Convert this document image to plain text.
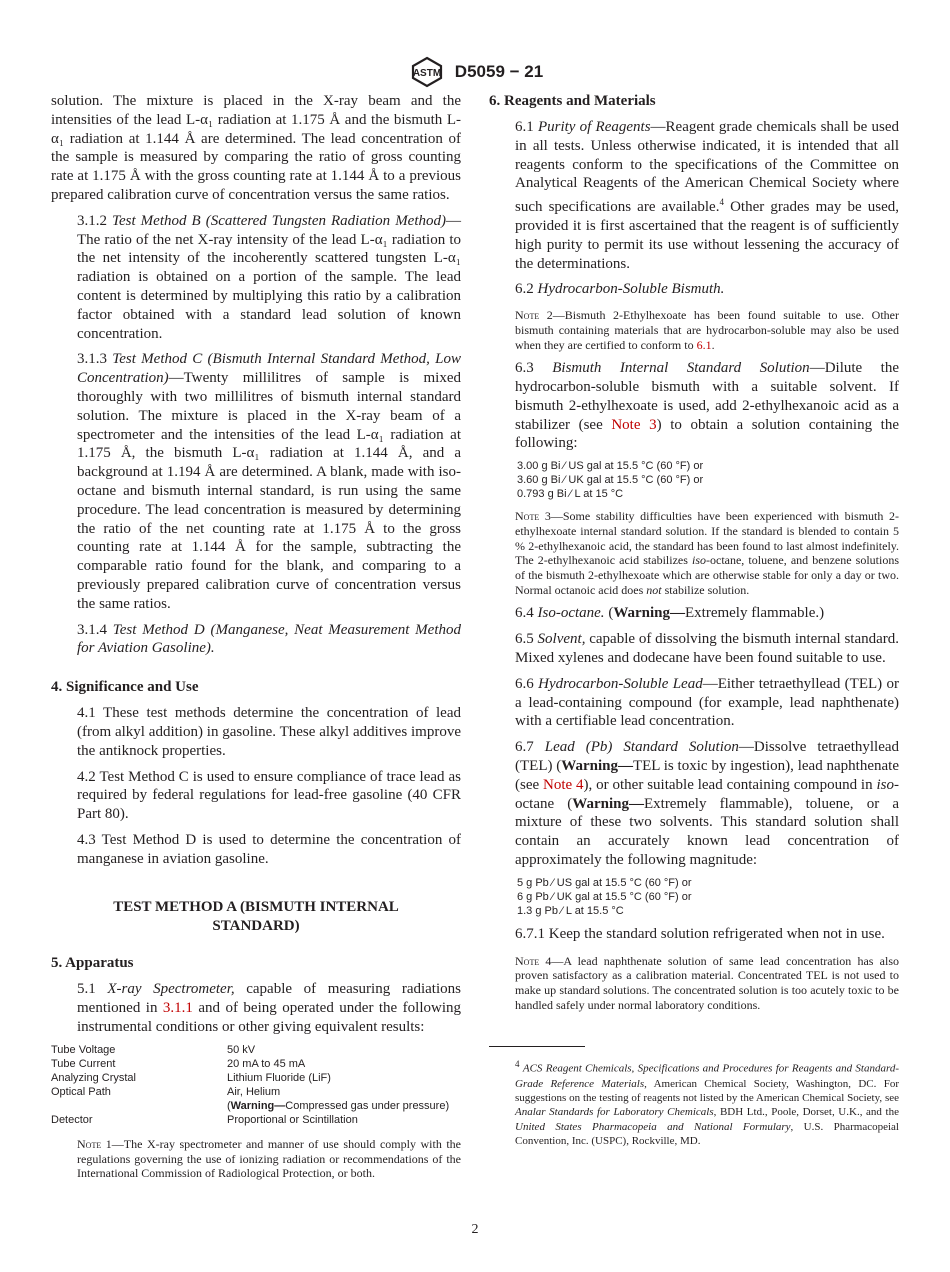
ASTM D5059 − 21

solution. The mixture is placed in the X-ray beam and the intensities of the lead L-α₁ radiation at 1.175 Å and the bismuth L-α₁ radiation at 1.144 Å are determined. The lead concentration of the sample is measured by comparing the ratio of gross counting rate at 1.175 Å with the gross counting rate at 1.144 Å to a previous prepared calibration curve of concentration versus the same ratios.

3.1.2 Test Method B (Scattered Tungsten Radiation Method)—The ratio of the net X-ray intensity of the lead L-α₁ radiation to the net intensity of the incoherently scattered tungsten L-α₁ radiation is obtained on a portion of the sample. The lead content is determined by multiplying this ratio by a calibration factor obtained with a standard lead solution of known concentration.

3.1.3 Test Method C (Bismuth Internal Standard Method, Low Concentration)—Twenty millilitres of sample is mixed thoroughly with two millilitres of bismuth internal standard solution. The mixture is placed in the X-ray beam of a spectrometer and the intensities of the lead L-α₁ radiation at 1.175 Å, the bismuth L-α₁ radiation at 1.144 Å, and a background at 1.194 Å are determined. A blank, made with iso-octane and bismuth internal standard, is run using the same procedure. The lead concentration is measured by determining the ratio of the net counting rate at 1.175 Å to the gross counting rate at 1.144 Å for the sample, subtracting the comparable ratio found for the blank, and comparing to a previously prepared calibration curve of concentration versus the same ratios.

3.1.4 Test Method D (Manganese, Neat Measurement Method for Aviation Gasoline).

4. Significance and Use

4.1 These test methods determine the concentration of lead (from alkyl addition) in gasoline. These alkyl additives improve the antiknock properties.

4.2 Test Method C is used to ensure compliance of trace lead as required by federal regulations for lead-free gasoline (40 CFR Part 80).

4.3 Test Method D is used to determine the concentration of manganese in aviation gasoline.

TEST METHOD A (BISMUTH INTERNAL STANDARD)
5. Apparatus

5.1 X-ray Spectrometer, capable of measuring radiations mentioned in 3.1.1 and of being operated under the following instrumental conditions or other giving equivalent results:

Tube Voltage	50 kV
Tube Current	20 mA to 45 mA
Analyzing Crystal	Lithium Fluoride (LiF)
Optical Path	Air, Helium
	(Warning—Compressed gas under pressure)
Detector	Proportional or Scintillation

Note 1—The X-ray spectrometer and manner of use should comply with the regulations governing the use of ionizing radiation or recommendations of the International Commission of Radiological Protection, or both.

6. Reagents and Materials

6.1 Purity of Reagents—Reagent grade chemicals shall be used in all tests. Unless otherwise indicated, it is intended that all reagents conform to the specifications of the Committee on Analytical Reagents of the American Chemical Society where such specifications are available.$^4$ Other grades may be used, provided it is first ascertained that the reagent is of sufficiently high purity to permit its use without lessening the accuracy of the determinations.

6.2 Hydrocarbon-Soluble Bismuth.

Note 2—Bismuth 2-Ethylhexoate has been found suitable to use. Other bismuth containing materials that are hydrocarbon-soluble may also be used when they are certified to conform to 6.1.

6.3 Bismuth Internal Standard Solution—Dilute the hydrocarbon-soluble bismuth with a suitable solvent. If bismuth 2-ethylhexoate is used, add 2-ethylhexanoic acid as a stabilizer (see Note 3) to obtain a solution containing the following:

3.00 g Bi ⁄ US gal at 15.5 °C (60 °F) or
3.60 g Bi ⁄ UK gal at 15.5 °C (60 °F) or
0.793 g Bi ⁄ L at 15 °C

Note 3—Some stability difficulties have been experienced with bismuth 2-ethylhexoate internal standard solution. If the standard is blended to contain 5 % 2-ethylhexanoic acid, the standard has been found to last almost indefinitely. The 2-ethylhexanoic acid stabilizes iso-octane, toluene, and benzene solutions of the bismuth 2-ethylhexoate which are otherwise stable for only a day or two. Normal octanoic acid does not stabilize solution.

6.4 Iso-octane. (Warning—Extremely flammable.)

6.5 Solvent, capable of dissolving the bismuth internal standard. Mixed xylenes and dodecane have been found suitable to use.

6.6 Hydrocarbon-Soluble Lead—Either tetraethyllead (TEL) or a lead-containing compound (for example, lead naphthenate) with a certifiable lead concentration.

6.7 Lead (Pb) Standard Solution—Dissolve tetraethyllead (TEL) (Warning—TEL is toxic by ingestion), lead naphthenate (see Note 4), or other suitable lead containing compound in iso-octane (Warning—Extremely flammable), toluene, or a mixture of these two solvents. This standard solution shall contain an accurately known lead concentration of approximately the following magnitude:

5 g Pb ⁄ US gal at 15.5 °C (60 °F) or
6 g Pb ⁄ UK gal at 15.5 °C (60 °F) or
1.3 g Pb ⁄ L at 15.5 °C

6.7.1 Keep the standard solution refrigerated when not in use.

Note 4—A lead naphthenate solution of same lead concentration has also proven satisfactory as a calibration material. Concentrated TEL is not used to make up standard solutions. The concentrated solution is too acutely toxic to be handled safely under normal laboratory conditions.

$^4$ ACS Reagent Chemicals, Specifications and Procedures for Reagents and Standard-Grade Reference Materials, American Chemical Society, Washington, DC. For suggestions on the testing of reagents not listed by the American Chemical Society, see Analar Standards for Laboratory Chemicals, BDH Ltd., Poole, Dorset, U.K., and the United States Pharmacopeia and National Formulary, U.S. Pharmacopeial Convention, Inc. (USPC), Rockville, MD.

2
